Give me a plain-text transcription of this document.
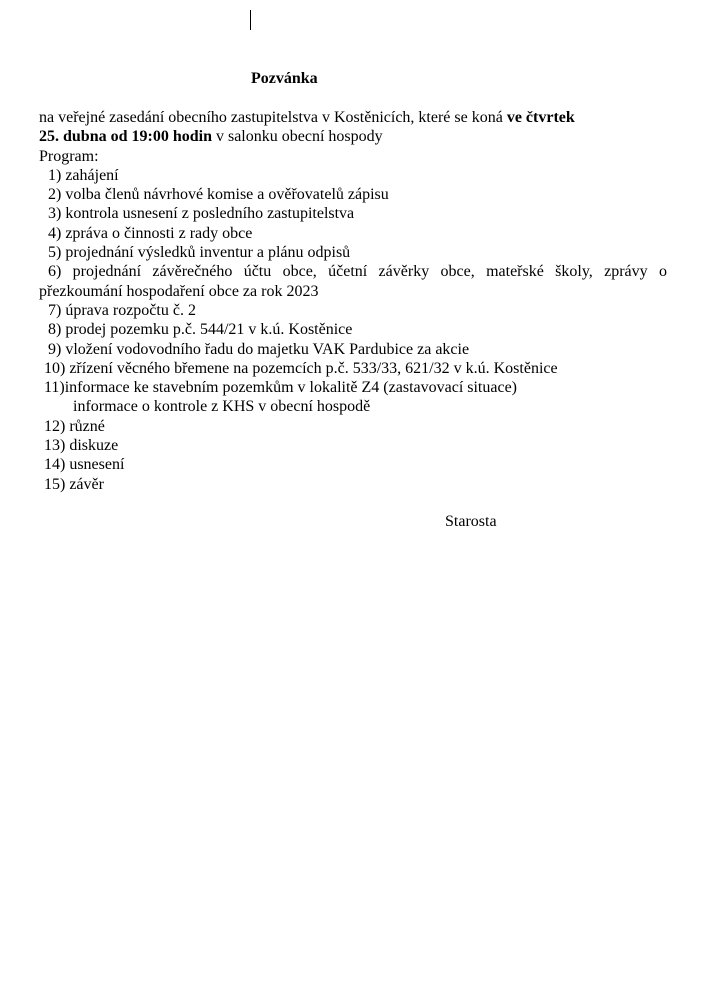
Pozvánka
na veřejné zasedání obecního zastupitelstva v Kostěnicích, které se koná ve čtvrtek
25. dubna od 19:00 hodin v salonku obecní hospody
Program:
1) zahájení
2) volba členů návrhové komise a ověřovatelů zápisu
3) kontrola usnesení z posledního zastupitelstva
4) zpráva o činnosti z rady obce
5) projednání výsledků inventur a plánu odpisů
6) projednání závěrečného účtu obce, účetní závěrky obce, mateřské školy, zprávy o
přezkoumání hospodaření obce za rok 2023
7) úprava rozpočtu č. 2
8) prodej pozemku p.č. 544/21 v k.ú. Kostěnice
9) vložení vodovodního řadu do majetku VAK Pardubice za akcie
10) zřízení věcného břemene na pozemcích p.č. 533/33, 621/32 v k.ú. Kostěnice
11)informace ke stavebním pozemkům v lokalitě Z4 (zastavovací situace)
informace o kontrole z KHS v obecní hospodě
12) různé
13) diskuze
14) usnesení
15) závěr
Starosta
